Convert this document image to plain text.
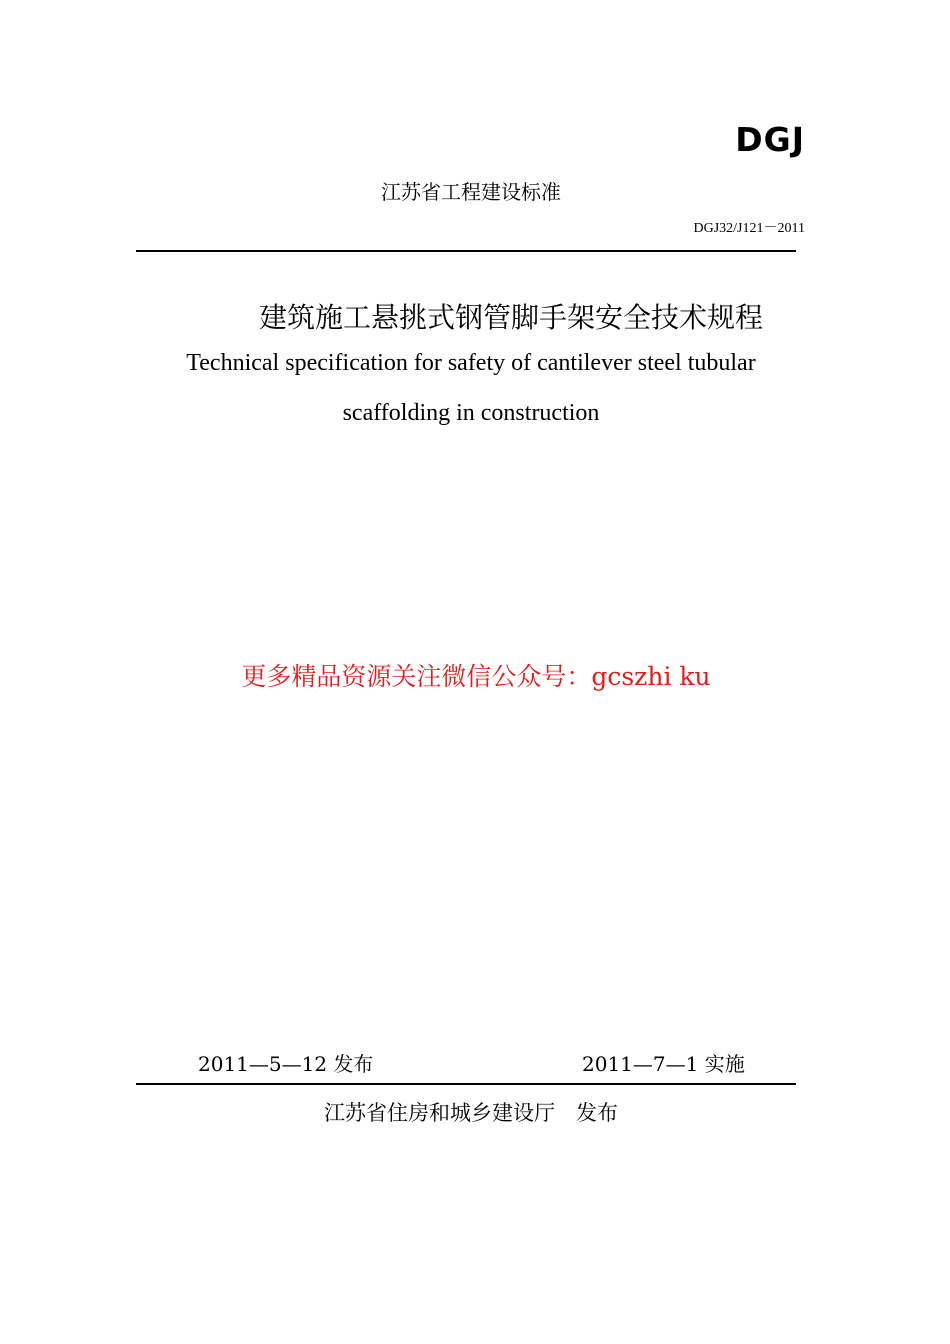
DGJ
江苏省工程建设标准
DGJ32/J121－2011
建筑施工悬挑式钢管脚手架安全技术规程
Technical specification for safety of cantilever steel tubular
scaffolding in construction
更多精品资源关注微信公众号：gcszhi ku
2011—5—12 发布	2011—7—1 实施
江苏省住房和城乡建设厅　发布
